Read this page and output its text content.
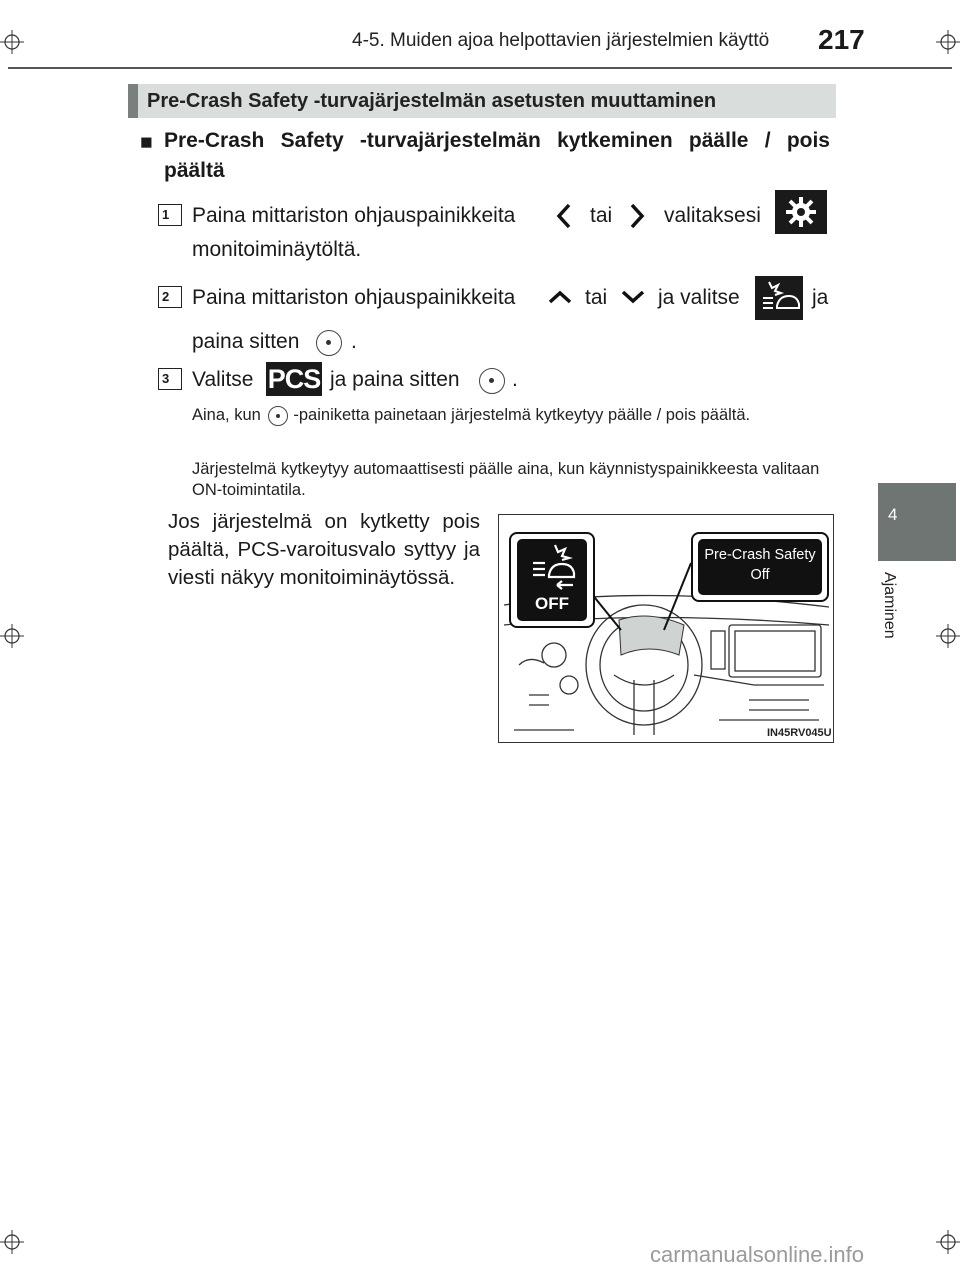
4-5. Muiden ajoa helpottavien järjestelmien käyttö 217
4
Ajaminen
Pre-Crash Safety -turvajärjestelmän asetusten muuttaminen
■ Pre-Crash Safety -turvajärjestelmän kytkeminen päälle / pois päältä
1	Paina mittariston ohjauspainikkeita	tai valitaksesi
monitoiminäytöltä.
2	Paina mittariston ohjauspainikkeita	tai ja valitse	ja
paina sitten .
3	Valitse PCS ja paina sitten .
Aina, kun -painiketta painetaan järjestelmä kytkeytyy päälle / pois päältä.
Järjestelmä kytkeytyy automaattisesti päälle aina, kun käynnistyspainikkeesta valitaan ON-toimintatila.
Jos järjestelmä on kytketty pois päältä, PCS-varoitusvalo syttyy ja viesti näkyy monitoiminäytössä.
OFF
Pre-Crash Safety
Off
IN45RV045U
carmanualsonline.info
